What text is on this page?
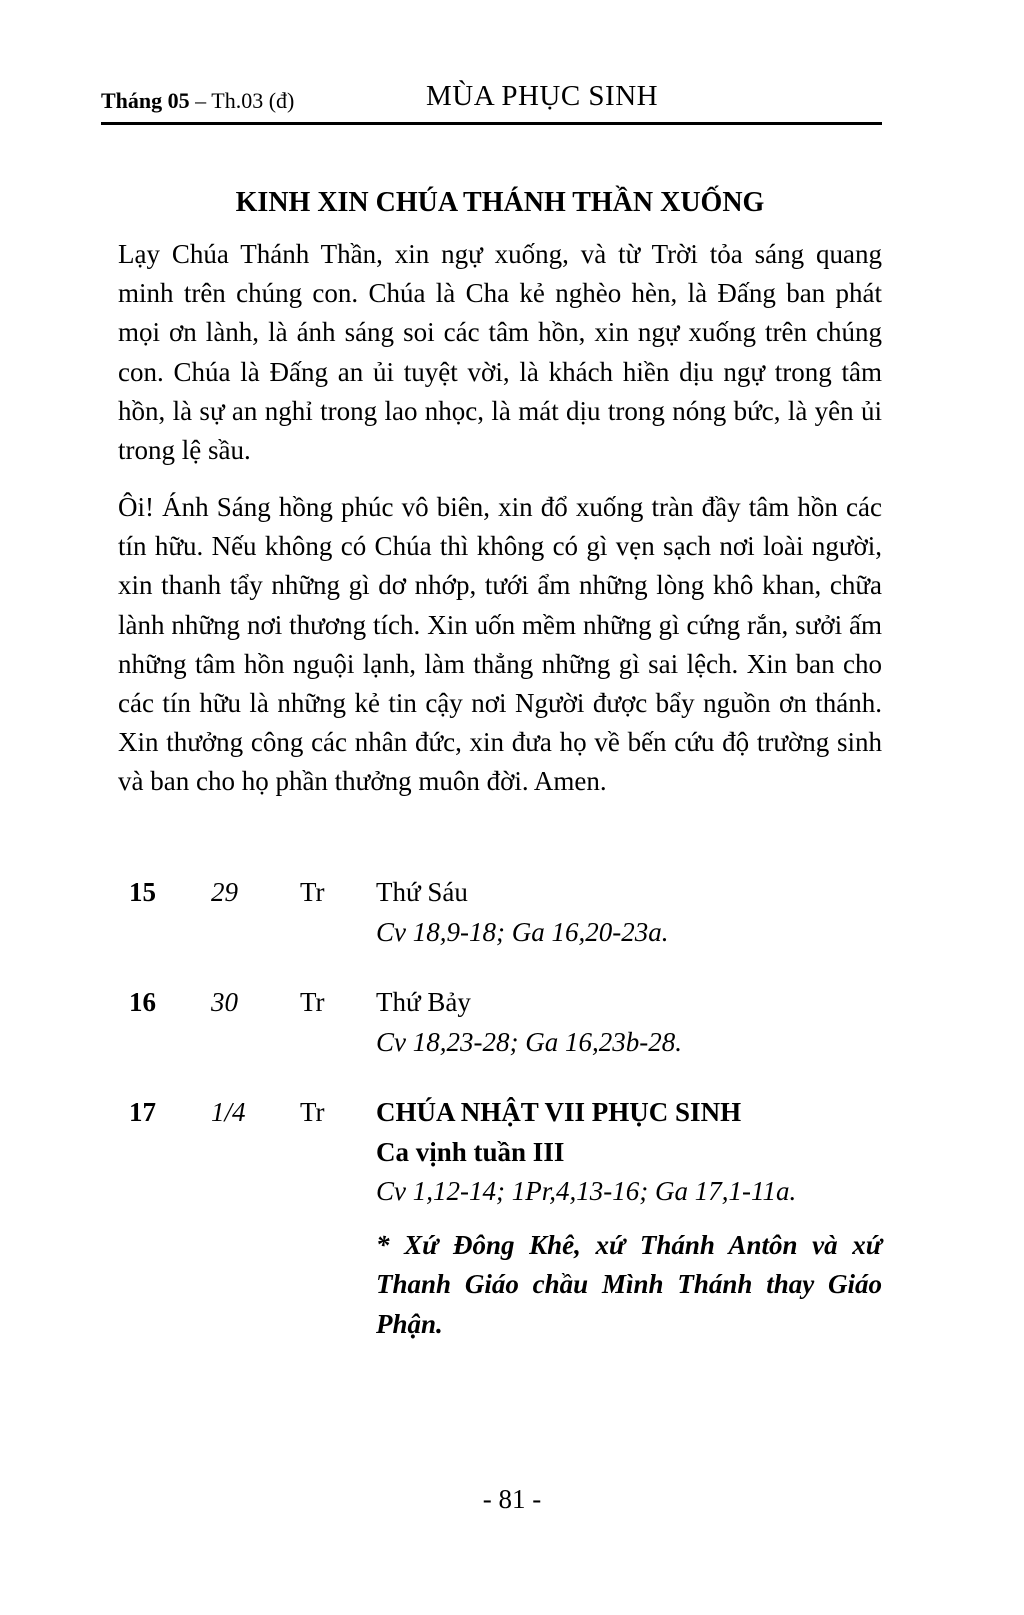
Tháng 05 – Th.03 (đ)	MÙA PHỤC SINH
KINH XIN CHÚA THÁNH THẦN XUỐNG

Lạy Chúa Thánh Thần, xin ngự xuống, và từ Trời tỏa sáng quang minh trên chúng con. Chúa là Cha kẻ nghèo hèn, là Đấng ban phát mọi ơn lành, là ánh sáng soi các tâm hồn, xin ngự xuống trên chúng con. Chúa là Đấng an ủi tuyệt vời, là khách hiền dịu ngự trong tâm hồn, là sự an nghỉ trong lao nhọc, là mát dịu trong nóng bức, là yên ủi trong lệ sầu.

Ôi! Ánh Sáng hồng phúc vô biên, xin đổ xuống tràn đầy tâm hồn các tín hữu. Nếu không có Chúa thì không có gì vẹn sạch nơi loài người, xin thanh tẩy những gì dơ nhớp, tưới ẩm những lòng khô khan, chữa lành những nơi thương tích. Xin uốn mềm những gì cứng rắn, sưởi ấm những tâm hồn nguội lạnh, làm thẳng những gì sai lệch. Xin ban cho các tín hữu là những kẻ tin cậy nơi Người được bẩy nguồn ơn thánh. Xin thưởng công các nhân đức, xin đưa họ về bến cứu độ trường sinh và ban cho họ phần thưởng muôn đời. Amen.

15 29 Tr Thứ Sáu
Cv 18,9-18; Ga 16,20-23a.
16 30 Tr Thứ Bảy
Cv 18,23-28; Ga 16,23b-28.
17 1/4 Tr CHÚA NHẬT VII PHỤC SINH
Ca vịnh tuần III
Cv 1,12-14; 1Pr,4,13-16; Ga 17,1-11a.
* Xứ Đông Khê, xứ Thánh Antôn và xứ Thanh Giáo chầu Mình Thánh thay Giáo Phận.
- 81 -
